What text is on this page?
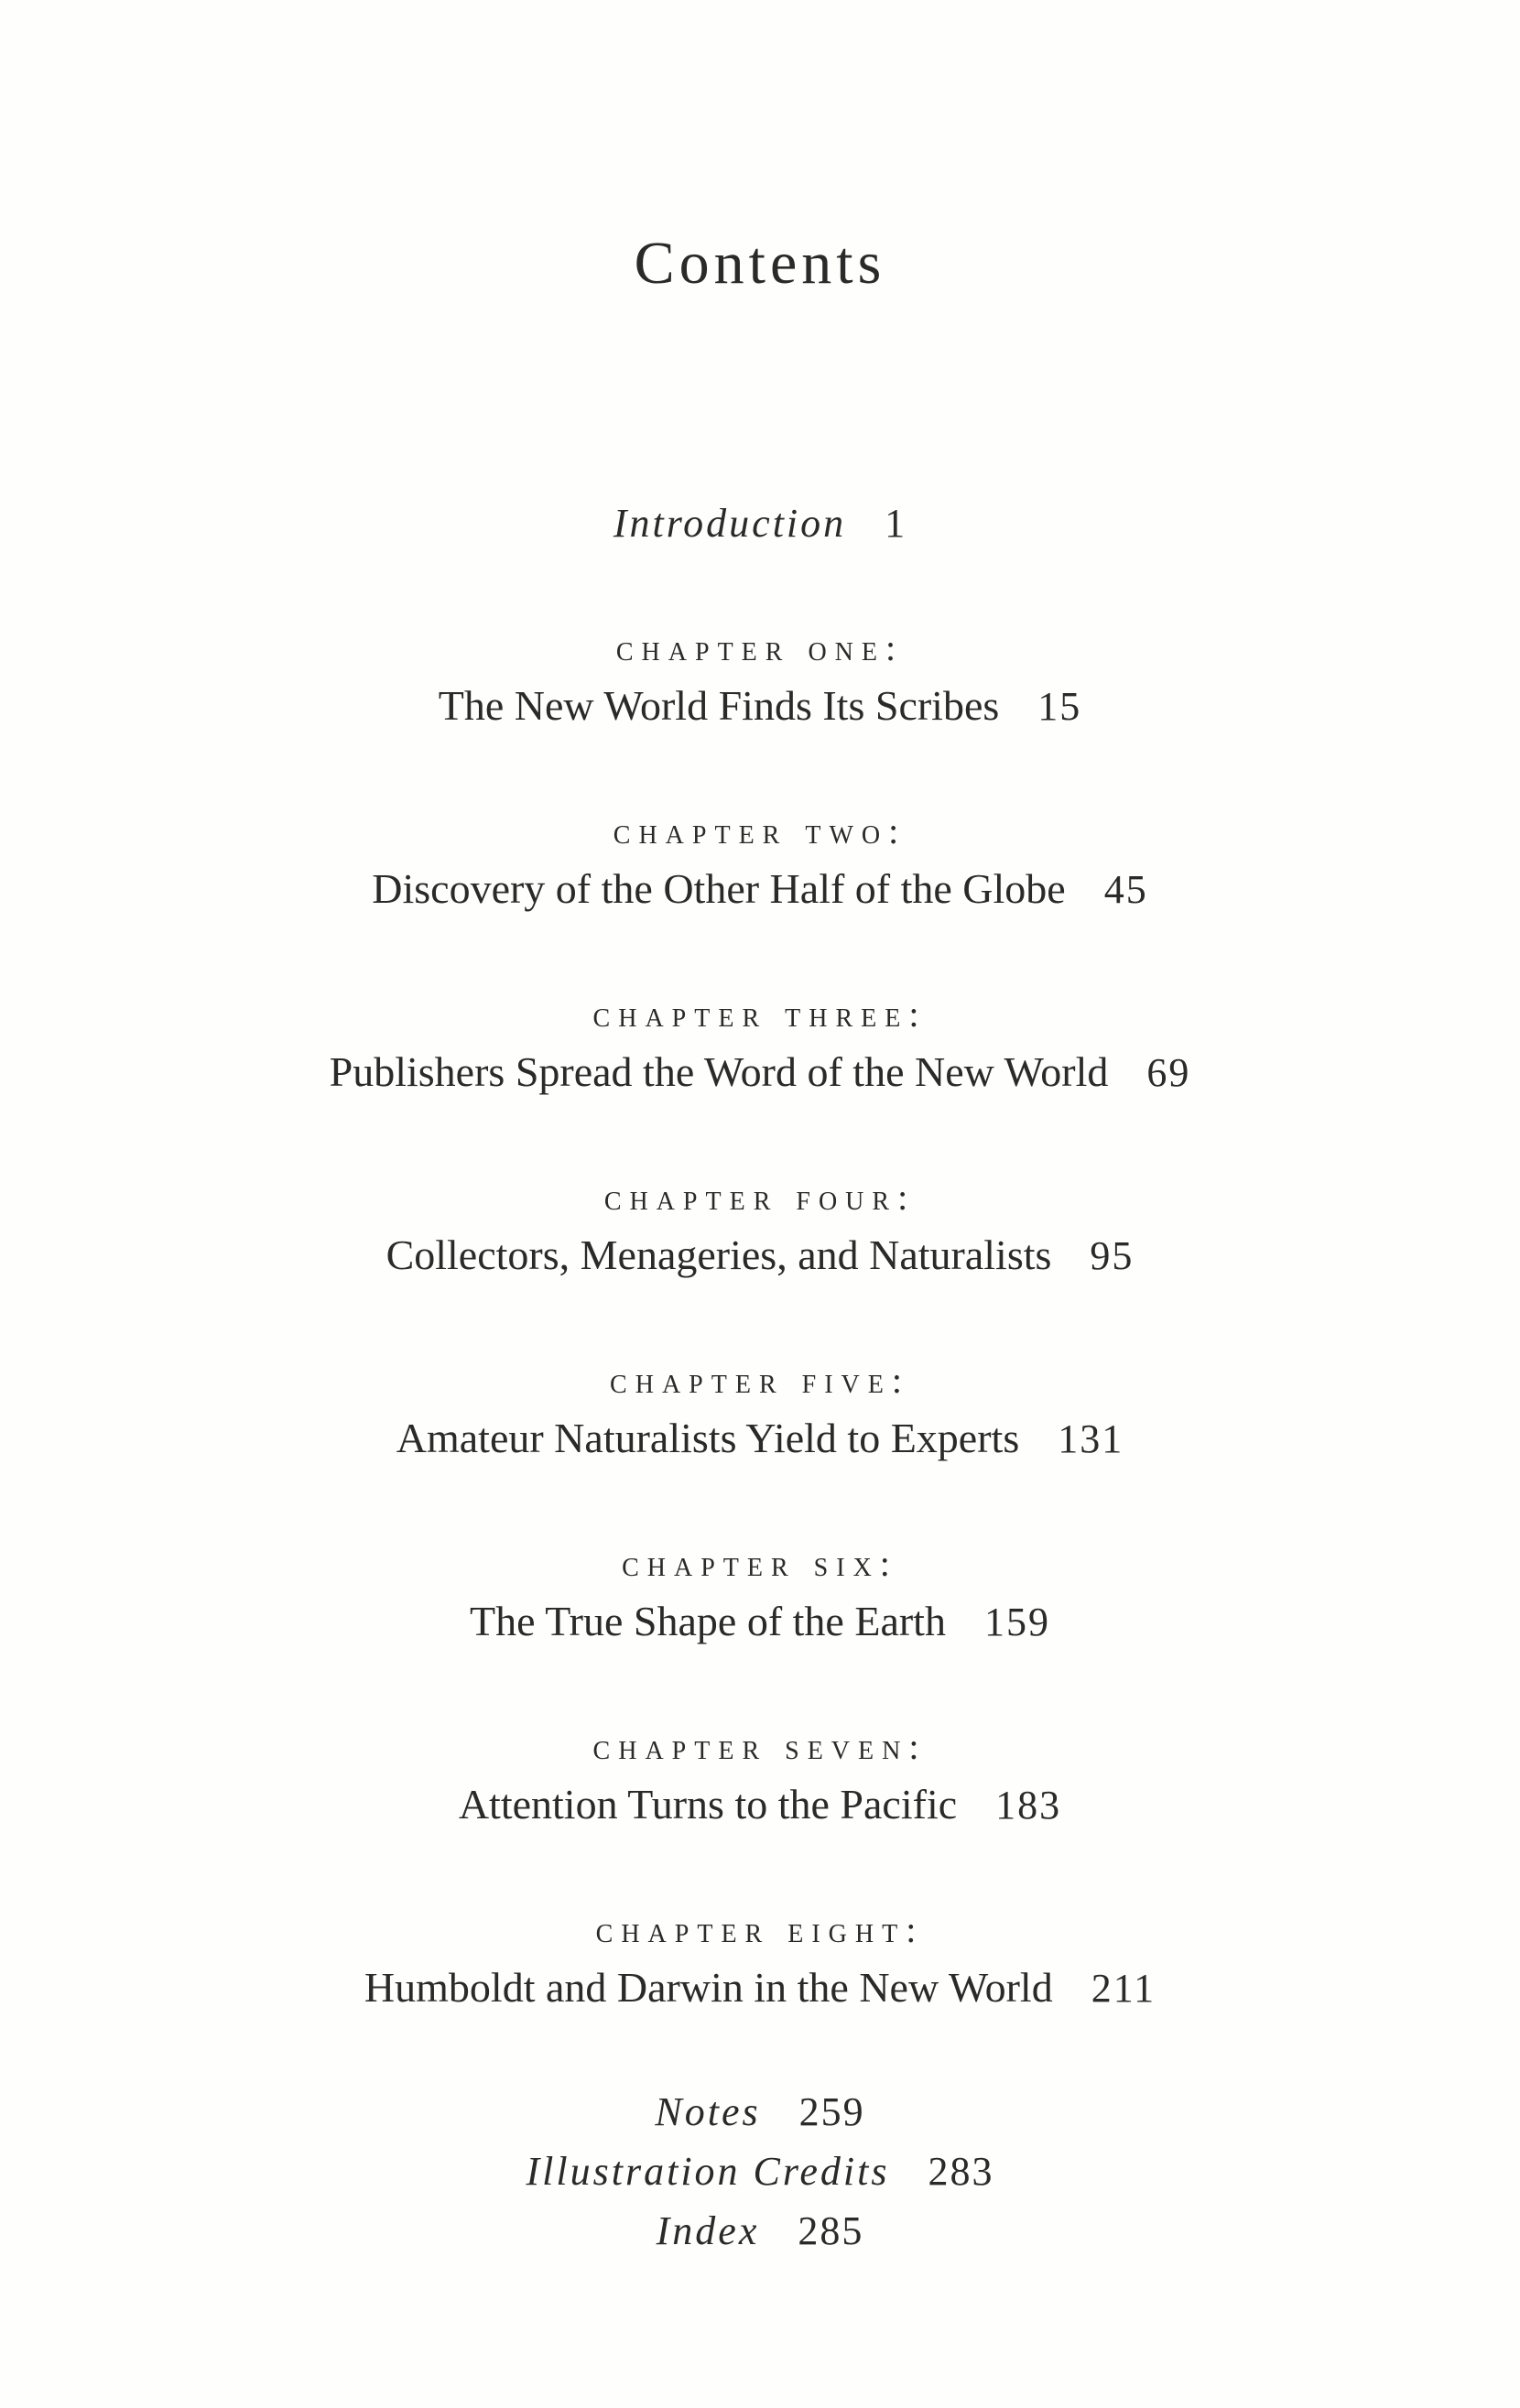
Contents
Introduction 1
chapter one:
The New World Finds Its Scribes 15
chapter two:
Discovery of the Other Half of the Globe 45
chapter three:
Publishers Spread the Word of the New World 69
chapter four:
Collectors, Menageries, and Naturalists 95
chapter five:
Amateur Naturalists Yield to Experts 131
chapter six:
The True Shape of the Earth 159
chapter seven:
Attention Turns to the Pacific 183
chapter eight:
Humboldt and Darwin in the New World 211
Notes 259
Illustration Credits 283
Index 285
